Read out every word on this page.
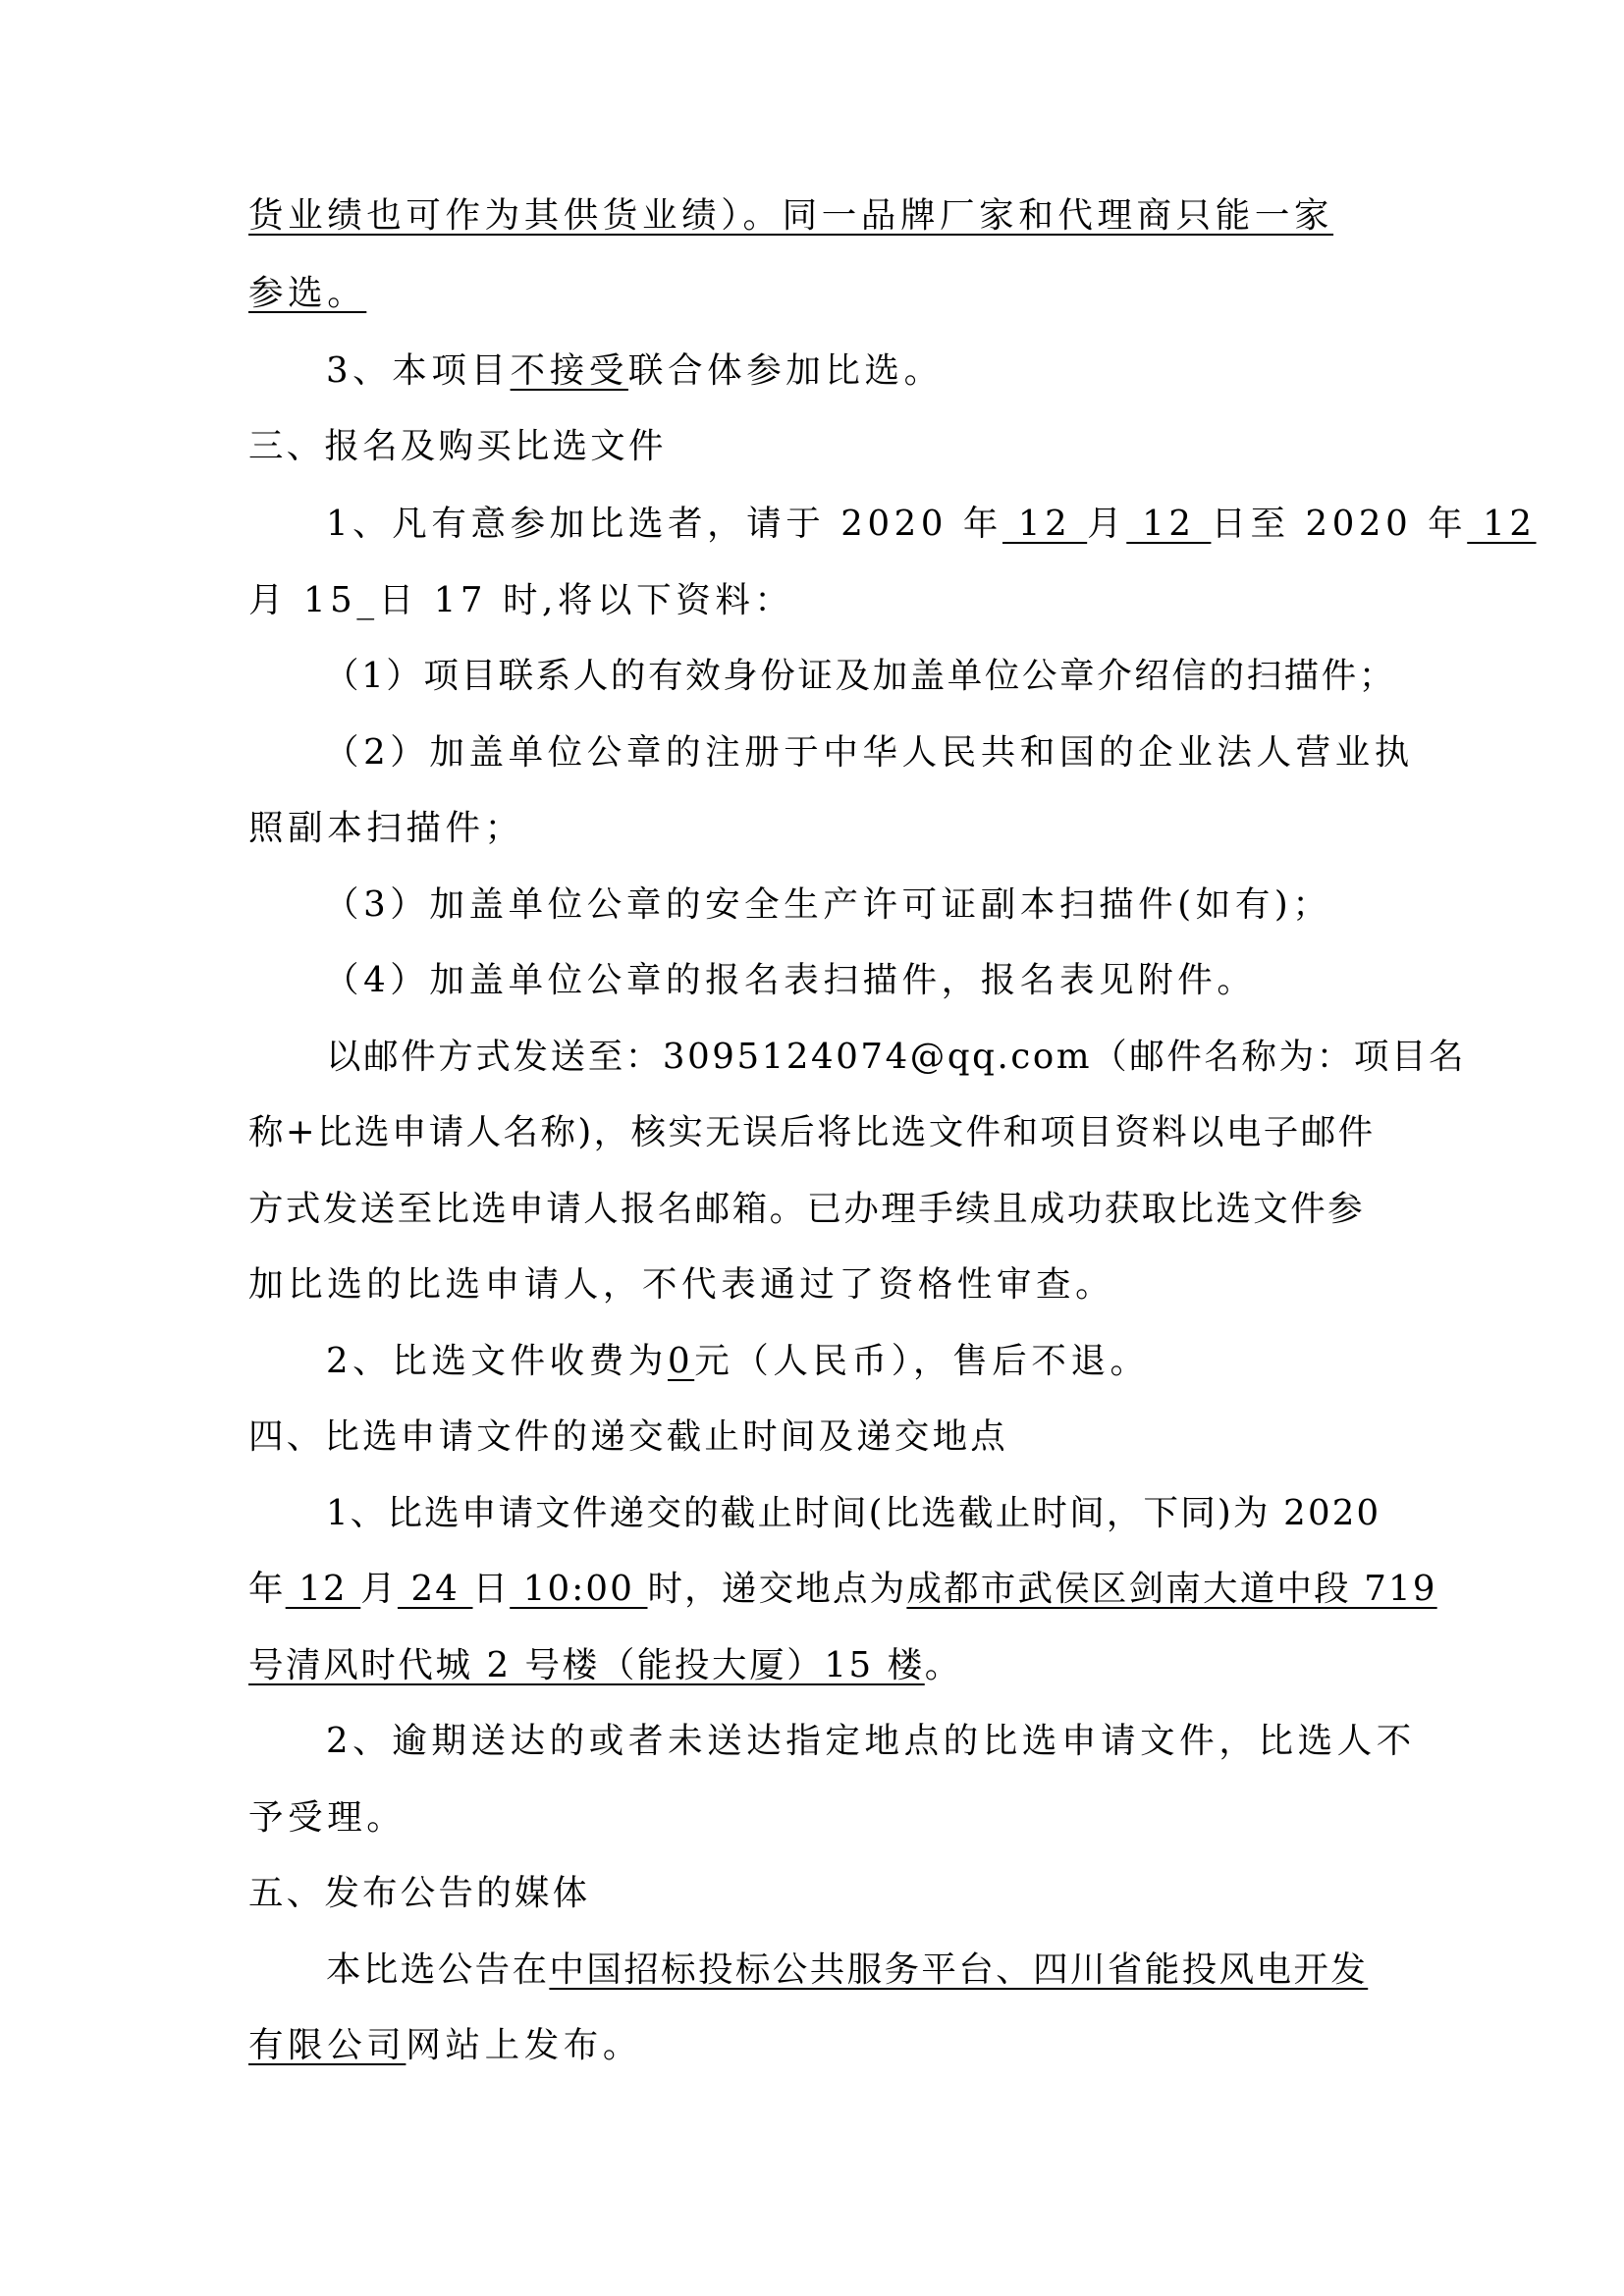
货业绩也可作为其供货业绩）。同一品牌厂家和代理商只能一家
参选。
3、本项目不接受联合体参加比选。
三、报名及购买比选文件
1、凡有意参加比选者，请于 2020 年 12 月 12 日至 2020 年 12
月 15_日 17 时,将以下资料：
（1）项目联系人的有效身份证及加盖单位公章介绍信的扫描件；
（2）加盖单位公章的注册于中华人民共和国的企业法人营业执
照副本扫描件；
（3）加盖单位公章的安全生产许可证副本扫描件(如有)；
（4）加盖单位公章的报名表扫描件，报名表见附件。
以邮件方式发送至：3095124074@qq.com（邮件名称为：项目名
称+比选申请人名称)，核实无误后将比选文件和项目资料以电子邮件
方式发送至比选申请人报名邮箱。已办理手续且成功获取比选文件参
加比选的比选申请人，不代表通过了资格性审查。
2、比选文件收费为0元（人民币），售后不退。
四、比选申请文件的递交截止时间及递交地点
1、比选申请文件递交的截止时间(比选截止时间，下同)为 2020
年 12 月 24 日 10:00 时，递交地点为成都市武侯区剑南大道中段 719
号清风时代城 2 号楼（能投大厦）15 楼。
2、逾期送达的或者未送达指定地点的比选申请文件，比选人不
予受理。
五、发布公告的媒体
本比选公告在中国招标投标公共服务平台、四川省能投风电开发
有限公司网站上发布。
